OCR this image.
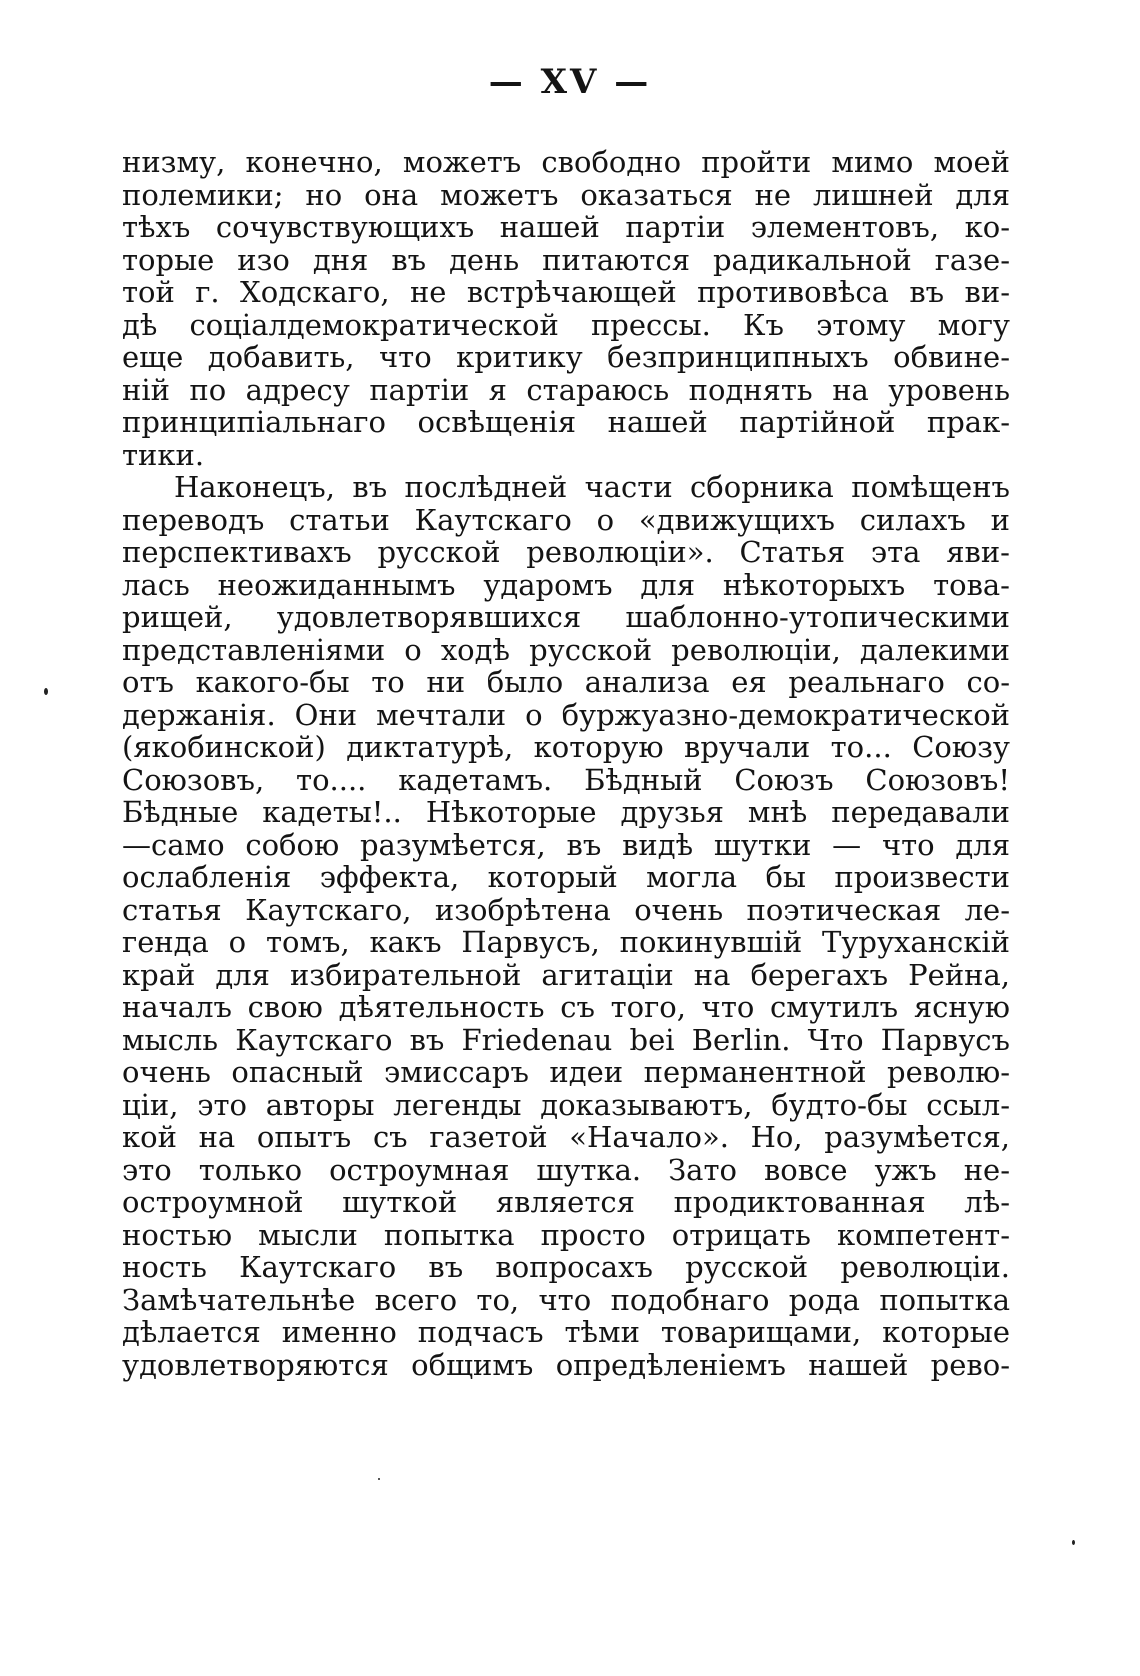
— XV —
низму, конечно, можетъ свободно пройти мимо моей
полемики; но она можетъ оказаться не лишней для
тѣхъ сочувствующихъ нашей партіи элементовъ, ко-
торые изо дня въ день питаются радикальной газе-
той г. Ходскаго, не встрѣчающей противовѣса въ ви-
дѣ соціалдемократической прессы. Къ этому могу
еще добавить, что критику безпринципныхъ обвине-
ній по адресу партіи я стараюсь поднять на уровень
принципіальнаго освѣщенія нашей партійной прак-
тики.
Наконецъ, въ послѣдней части сборника помѣщенъ
переводъ статьи Каутскаго о «движущихъ силахъ и
перспективахъ русской революціи». Статья эта яви-
лась неожиданнымъ ударомъ для нѣкоторыхъ това-
рищей, удовлетворявшихся шаблонно-утопическими
представленіями о ходѣ русской революціи, далекими
отъ какого-бы то ни было анализа ея реальнаго со-
держанія. Они мечтали о буржуазно-демократической
(якобинской) диктатурѣ, которую вручали то... Союзу
Союзовъ, то.... кадетамъ. Бѣдный Союзъ Союзовъ!
Бѣдные кадеты!.. Нѣкоторые друзья мнѣ передавали
—само собою разумѣется, въ видѣ шутки — что для
ослабленія эффекта, который могла бы произвести
статья Каутскаго, изобрѣтена очень поэтическая ле-
генда о томъ, какъ Парвусъ, покинувшій Туруханскій
край для избирательной агитаціи на берегахъ Рейна,
началъ свою дѣятельность съ того, что смутилъ ясную
мысль Каутскаго въ Friedenau bei Berlin. Что Парвусъ
очень опасный эмиссаръ идеи перманентной револю-
ціи, это авторы легенды доказываютъ, будто-бы ссыл-
кой на опытъ съ газетой «Начало». Но, разумѣется,
это только остроумная шутка. Зато вовсе ужъ не-
остроумной шуткой является продиктованная лѣ-
ностью мысли попытка просто отрицать компетент-
ность Каутскаго въ вопросахъ русской революціи.
Замѣчательнѣе всего то, что подобнаго рода попытка
дѣлается именно подчасъ тѣми товарищами, которые
удовлетворяются общимъ опредѣленіемъ нашей рево-
